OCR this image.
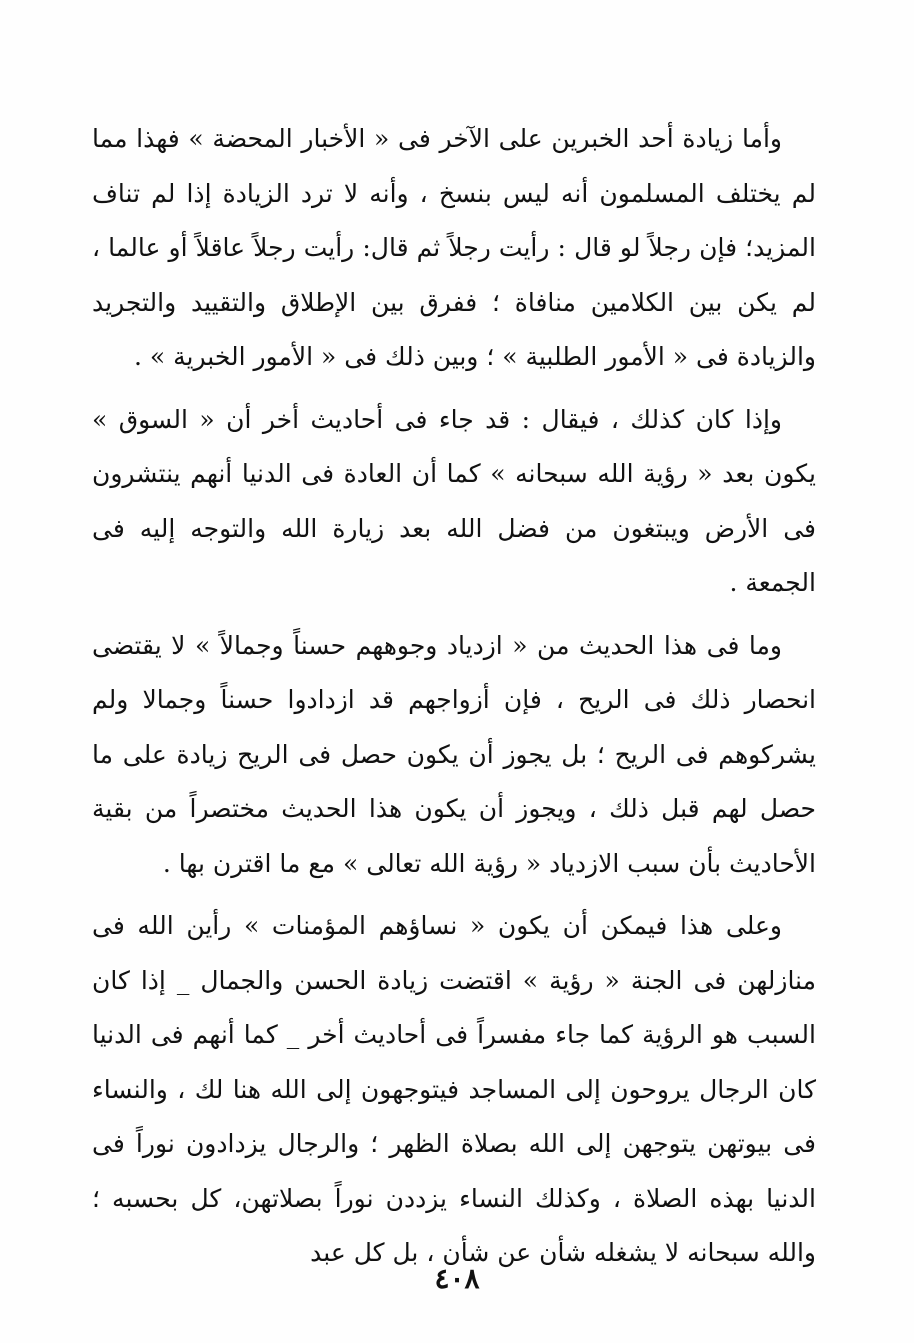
وأما زيادة أحد الخبرين على الآخر فى « الأخبار المحضة » فهذا مما لم يختلف المسلمون أنه ليس بنسخ ، وأنه لا ترد الزيادة إذا لم تناف المزيد؛ فإن رجلاً لو قال : رأيت رجلاً ثم قال: رأيت رجلاً عاقلاً أو عالما ، لم يكن بين الكلامين منافاة ؛ ففرق بين الإطلاق والتقييد والتجريد والزيادة فى « الأمور الطلبية » ؛ وبين ذلك فى « الأمور الخبرية » .

وإذا كان كذلك ، فيقال : قد جاء فى أحاديث أخر أن « السوق » يكون بعد « رؤية الله سبحانه » كما أن العادة فى الدنيا أنهم ينتشرون فى الأرض ويبتغون من فضل الله بعد زيارة الله والتوجه إليه فى الجمعة .

وما فى هذا الحديث من « ازدياد وجوههم حسناً وجمالاً » لا يقتضى انحصار ذلك فى الريح ، فإن أزواجهم قد ازدادوا حسناً وجمالا ولم يشركوهم فى الريح ؛ بل يجوز أن يكون حصل فى الريح زيادة على ما حصل لهم قبل ذلك ، ويجوز أن يكون هذا الحديث مختصراً من بقية الأحاديث بأن سبب الازدياد « رؤية الله تعالى » مع ما اقترن بها .

وعلى هذا فيمكن أن يكون « نساؤهم المؤمنات » رأين الله فى منازلهن فى الجنة « رؤية » اقتضت زيادة الحسن والجمال _ إذا كان السبب هو الرؤية كما جاء مفسراً فى أحاديث أخر _ كما أنهم فى الدنيا كان الرجال يروحون إلى المساجد فيتوجهون إلى الله هنا لك ، والنساء فى بيوتهن يتوجهن إلى الله بصلاة الظهر ؛ والرجال يزدادون نوراً فى الدنيا بهذه الصلاة ، وكذلك النساء يزددن نوراً بصلاتهن، كل بحسبه ؛ والله سبحانه لا يشغله شأن عن شأن ، بل كل عبد

٤٠٨
